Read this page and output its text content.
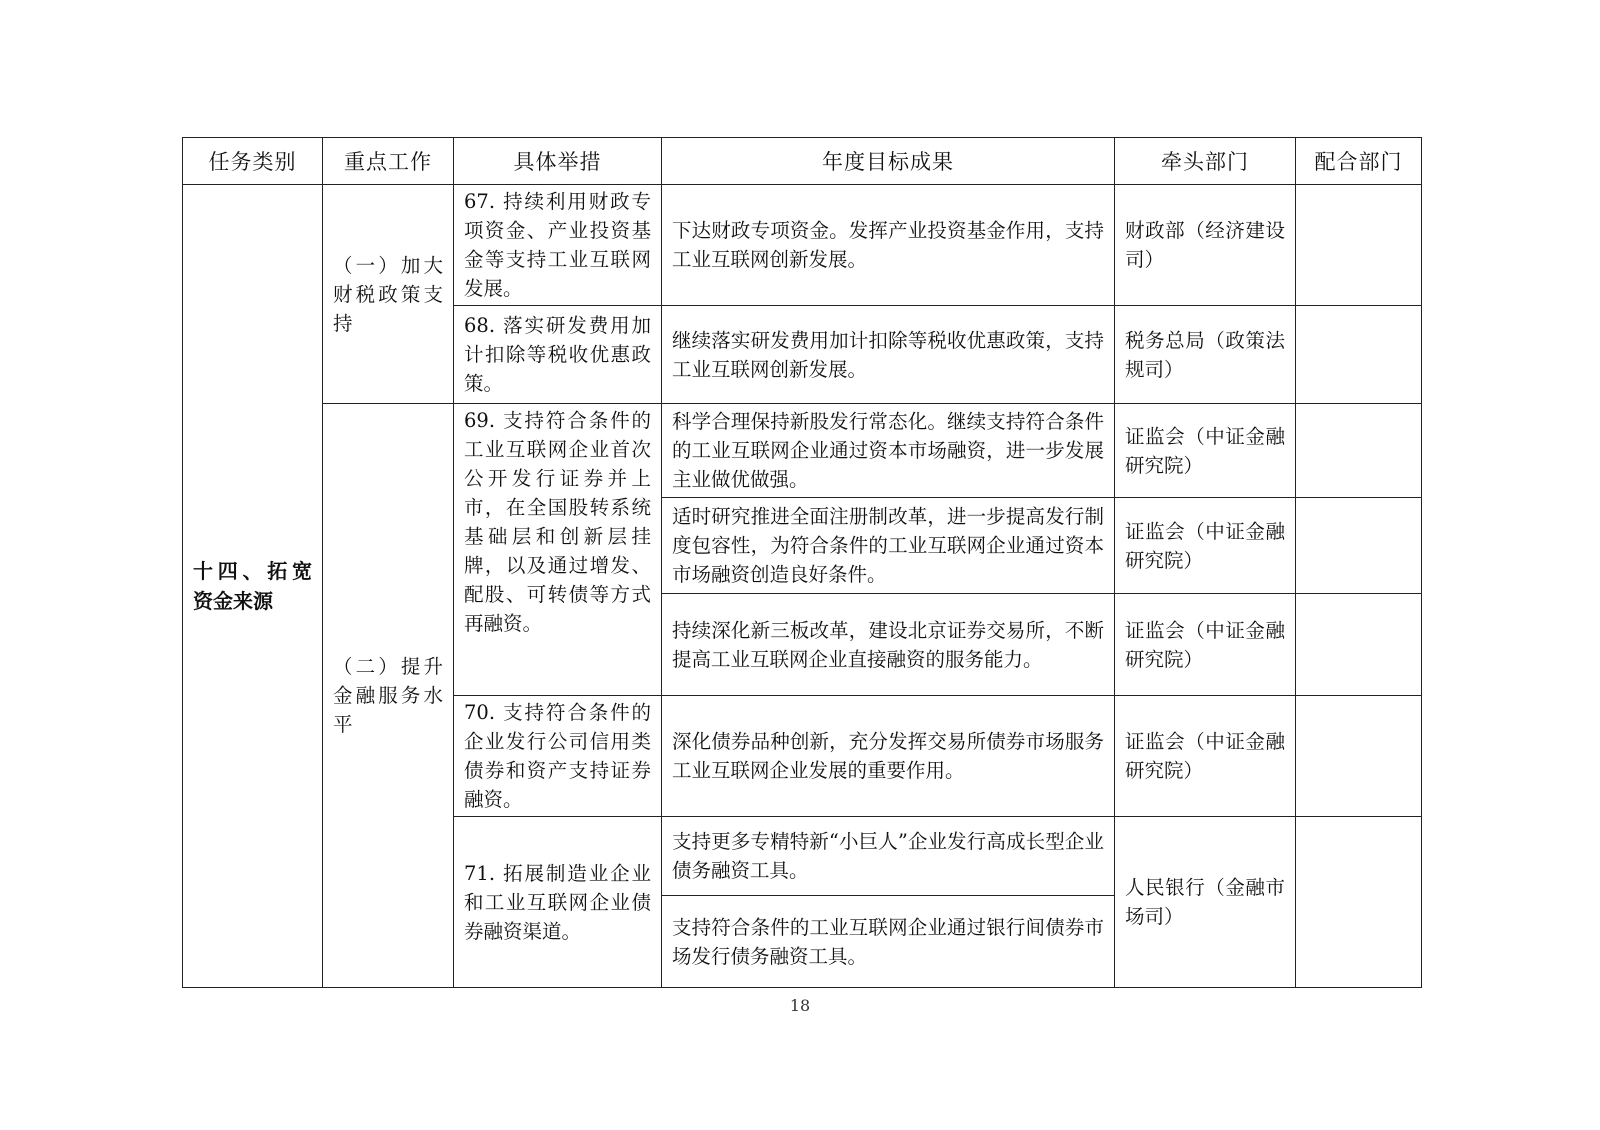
任务类别	重点工作	具体举措	年度目标成果	牵头部门	配合部门

十四、拓宽资金来源	（一）加大财税政策支持	67. 持续利用财政专项资金、产业投资基金等支持工业互联网发展。	下达财政专项资金。发挥产业投资基金作用，支持工业互联网创新发展。	财政部（经济建设司）	

		68. 落实研发费用加计扣除等税收优惠政策。	继续落实研发费用加计扣除等税收优惠政策，支持工业互联网创新发展。	税务总局（政策法规司）	

	（二）提升金融服务水平	69. 支持符合条件的工业互联网企业首次公开发行证券并上市，在全国股转系统基础层和创新层挂牌，以及通过增发、配股、可转债等方式再融资。	科学合理保持新股发行常态化。继续支持符合条件的工业互联网企业通过资本市场融资，进一步发展主业做优做强。	证监会（中证金融研究院）	

			适时研究推进全面注册制改革，进一步提高发行制度包容性，为符合条件的工业互联网企业通过资本市场融资创造良好条件。	证监会（中证金融研究院）	

			持续深化新三板改革，建设北京证券交易所，不断提高工业互联网企业直接融资的服务能力。	证监会（中证金融研究院）	

		70. 支持符合条件的企业发行公司信用类债券和资产支持证券融资。	深化债券品种创新，充分发挥交易所债券市场服务工业互联网企业发展的重要作用。	证监会（中证金融研究院）	

		71. 拓展制造业企业和工业互联网企业债券融资渠道。	支持更多专精特新“小巨人”企业发行高成长型企业债务融资工具。	人民银行（金融市场司）	

			支持符合条件的工业互联网企业通过银行间债券市场发行债务融资工具。		
18
